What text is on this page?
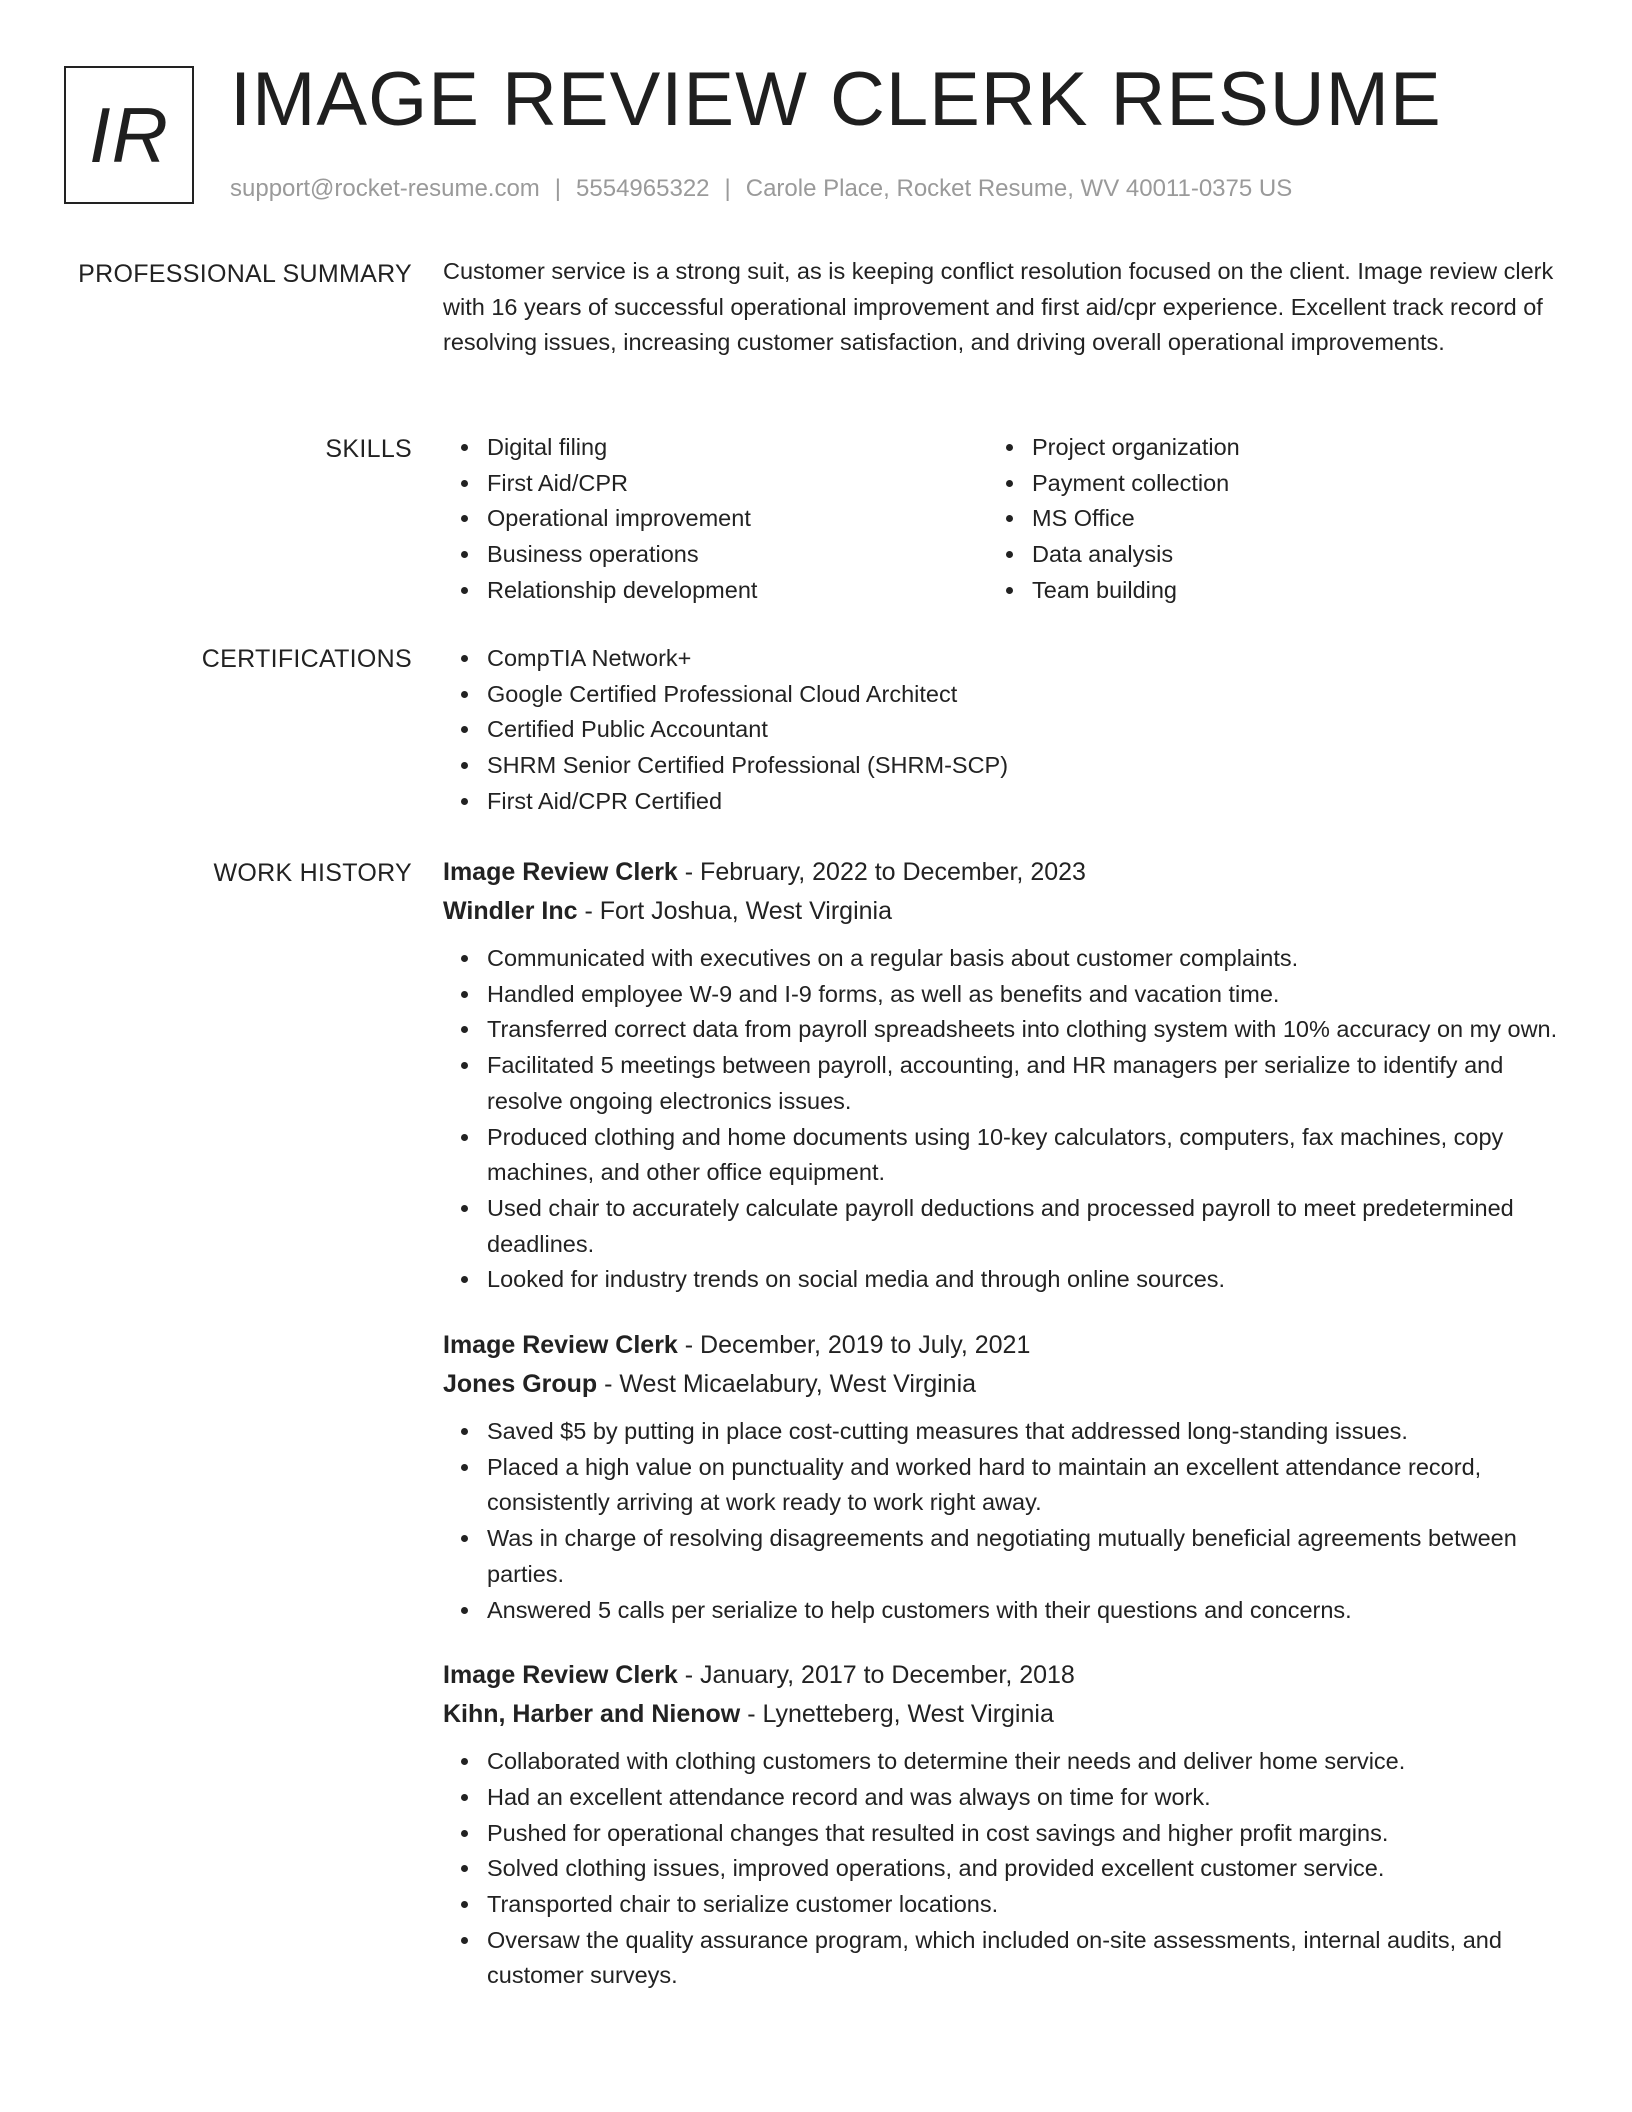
IR IMAGE REVIEW CLERK RESUME
support@rocket-resume.com | 5554965322 | Carole Place, Rocket Resume, WV 40011-0375 US
PROFESSIONAL SUMMARY Customer service is a strong suit, as is keeping conflict resolution focused on the client. Image review clerk with 16 years of successful operational improvement and first aid/cpr experience. Excellent track record of resolving issues, increasing customer satisfaction, and driving overall operational improvements.

SKILLS	Digital filing
First Aid/CPR
Operational improvement
Business operations
Relationship development
Project organization
Payment collection
MS Office
Data analysis
Team building
CERTIFICATIONS	CompTIA Network+
Google Certified Professional Cloud Architect
Certified Public Accountant
SHRM Senior Certified Professional (SHRM-SCP)
First Aid/CPR Certified
WORK HISTORY Image Review Clerk - February, 2022 to December, 2023
Windler Inc - Fort Joshua, West Virginia
Communicated with executives on a regular basis about customer complaints.
Handled employee W-9 and I-9 forms, as well as benefits and vacation time.
Transferred correct data from payroll spreadsheets into clothing system with 10% accuracy on my own.
Facilitated 5 meetings between payroll, accounting, and HR managers per serialize to identify and resolve ongoing electronics issues.
Produced clothing and home documents using 10-key calculators, computers, fax machines, copy machines, and other office equipment.
Used chair to accurately calculate payroll deductions and processed payroll to meet predetermined deadlines.
Looked for industry trends on social media and through online sources.
Image Review Clerk - December, 2019 to July, 2021
Jones Group - West Micaelabury, West Virginia
Saved $5 by putting in place cost-cutting measures that addressed long-standing issues.
Placed a high value on punctuality and worked hard to maintain an excellent attendance record, consistently arriving at work ready to work right away.
Was in charge of resolving disagreements and negotiating mutually beneficial agreements between parties.
Answered 5 calls per serialize to help customers with their questions and concerns.
Image Review Clerk - January, 2017 to December, 2018
Kihn, Harber and Nienow - Lynetteberg, West Virginia
Collaborated with clothing customers to determine their needs and deliver home service.
Had an excellent attendance record and was always on time for work.
Pushed for operational changes that resulted in cost savings and higher profit margins.
Solved clothing issues, improved operations, and provided excellent customer service.
Transported chair to serialize customer locations.
Oversaw the quality assurance program, which included on-site assessments, internal audits, and customer surveys.
